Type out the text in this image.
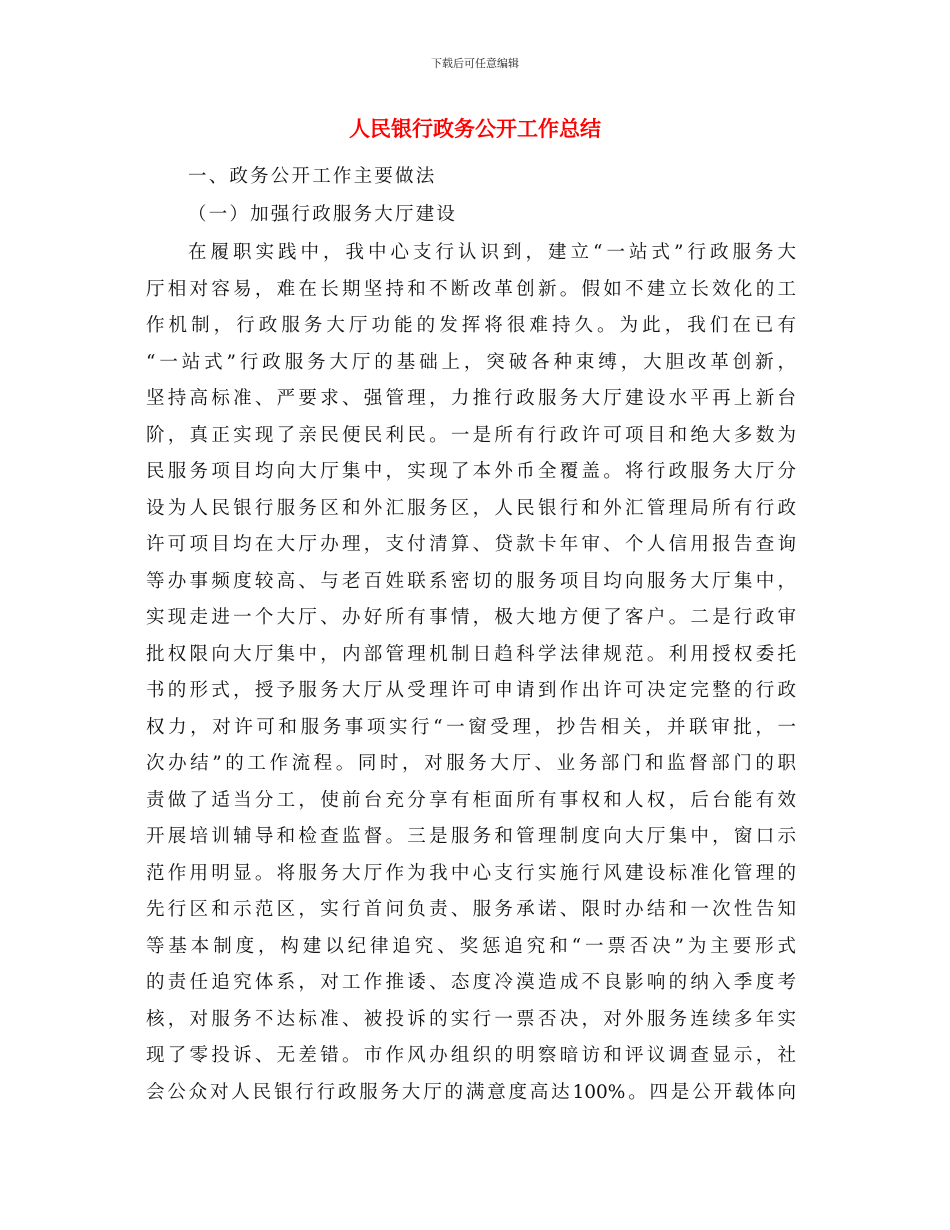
下载后可任意编辑
人民银行政务公开工作总结
一、政务公开工作主要做法
（一）加强行政服务大厅建设
在履职实践中，我中心支行认识到，建立“一站式”行政服务大
厅相对容易，难在长期坚持和不断改革创新。假如不建立长效化的工
作机制，行政服务大厅功能的发挥将很难持久。为此，我们在已有
“一站式”行政服务大厅的基础上，突破各种束缚，大胆改革创新，
坚持高标准、严要求、强管理，力推行政服务大厅建设水平再上新台
阶，真正实现了亲民便民利民。一是所有行政许可项目和绝大多数为
民服务项目均向大厅集中，实现了本外币全覆盖。将行政服务大厅分
设为人民银行服务区和外汇服务区，人民银行和外汇管理局所有行政
许可项目均在大厅办理，支付清算、贷款卡年审、个人信用报告查询
等办事频度较高、与老百姓联系密切的服务项目均向服务大厅集中，
实现走进一个大厅、办好所有事情，极大地方便了客户。二是行政审
批权限向大厅集中，内部管理机制日趋科学法律规范。利用授权委托
书的形式，授予服务大厅从受理许可申请到作出许可决定完整的行政
权力，对许可和服务事项实行“一窗受理，抄告相关，并联审批，一
次办结”的工作流程。同时，对服务大厅、业务部门和监督部门的职
责做了适当分工，使前台充分享有柜面所有事权和人权，后台能有效
开展培训辅导和检查监督。三是服务和管理制度向大厅集中，窗口示
范作用明显。将服务大厅作为我中心支行实施行风建设标准化管理的
先行区和示范区，实行首问负责、服务承诺、限时办结和一次性告知
等基本制度，构建以纪律追究、奖惩追究和“一票否决”为主要形式
的责任追究体系，对工作推诿、态度冷漠造成不良影响的纳入季度考
核，对服务不达标准、被投诉的实行一票否决，对外服务连续多年实
现了零投诉、无差错。市作风办组织的明察暗访和评议调查显示，社
会公众对人民银行行政服务大厅的满意度高达100%。四是公开载体向
